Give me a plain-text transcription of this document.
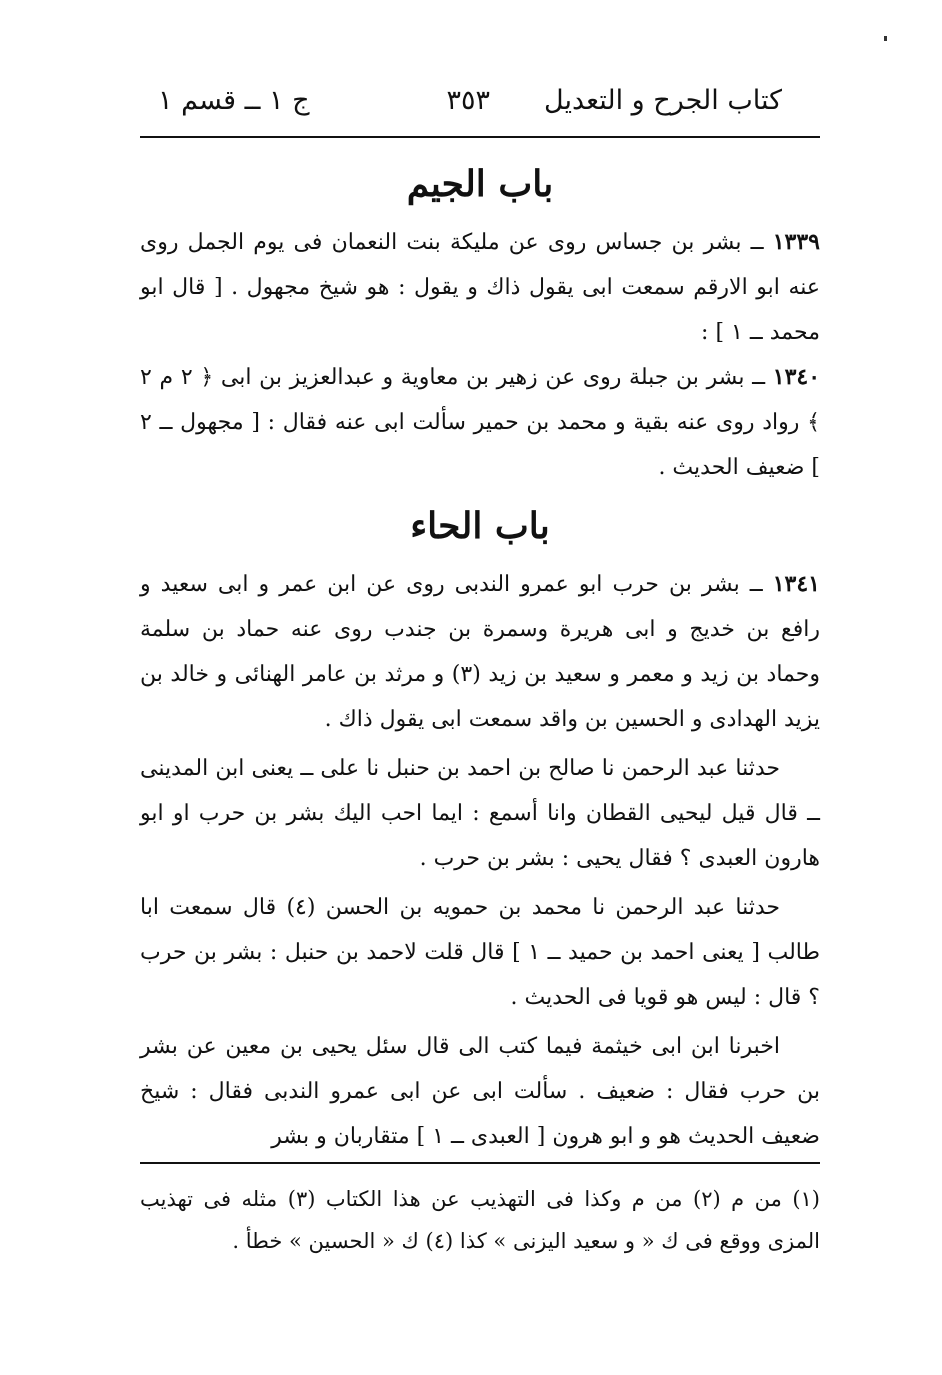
كتاب الجرح و التعديل
٣٥٣
ج ١ ــ قسم ١
باب الجيم
١٣٣٩ ــ بشر بن جساس روى عن مليكة بنت النعمان فى يوم الجمل روى عنه ابو الارقم سمعت ابى يقول ذاك و يقول : هو شيخ مجهول . [ قال ابو محمد ــ ١ ] :
١٣٤٠ ــ بشر بن جبلة روى عن زهير بن معاوية و عبدالعزيز بن ابى ﴿ ٢ م ٢ ﴾ رواد روى عنه بقية و محمد بن حمير سألت ابى عنه فقال : [ مجهول ــ ٢ ] ضعيف الحديث .
باب الحاء
١٣٤١ ــ بشر بن حرب ابو عمرو الندبى روى عن ابن عمر و ابى سعيد و رافع بن خديج و ابى هريرة وسمرة بن جندب روى عنه حماد بن سلمة وحماد بن زيد و معمر و سعيد بن زيد (٣) و مرثد بن عامر الهنائى و خالد بن يزيد الهدادى و الحسين بن واقد سمعت ابى يقول ذاك .
حدثنا عبد الرحمن نا صالح بن احمد بن حنبل نا على ــ يعنى ابن المدينى ــ قال قيل ليحيى القطان وانا أسمع : ايما احب اليك بشر بن حرب او ابو هارون العبدى ؟ فقال يحيى : بشر بن حرب .
حدثنا عبد الرحمن نا محمد بن حمويه بن الحسن (٤) قال سمعت ابا طالب [ يعنى احمد بن حميد ــ ١ ] قال قلت لاحمد بن حنبل : بشر بن حرب ؟ قال : ليس هو قويا فى الحديث .
اخبرنا ابن ابى خيثمة فيما كتب الى قال سئل يحيى بن معين عن بشر بن حرب فقال : ضعيف . سألت ابى عن ابى عمرو الندبى فقال : شيخ ضعيف الحديث هو و ابو هرون [ العبدى ــ ١ ] متقاربان و بشر
(١) من م (٢) من م وكذا فى التهذيب عن هذا الكتاب (٣) مثله فى تهذيب المزى ووقع فى ك « و سعيد اليزنى » كذا (٤) ك « الحسين » خطأ .
